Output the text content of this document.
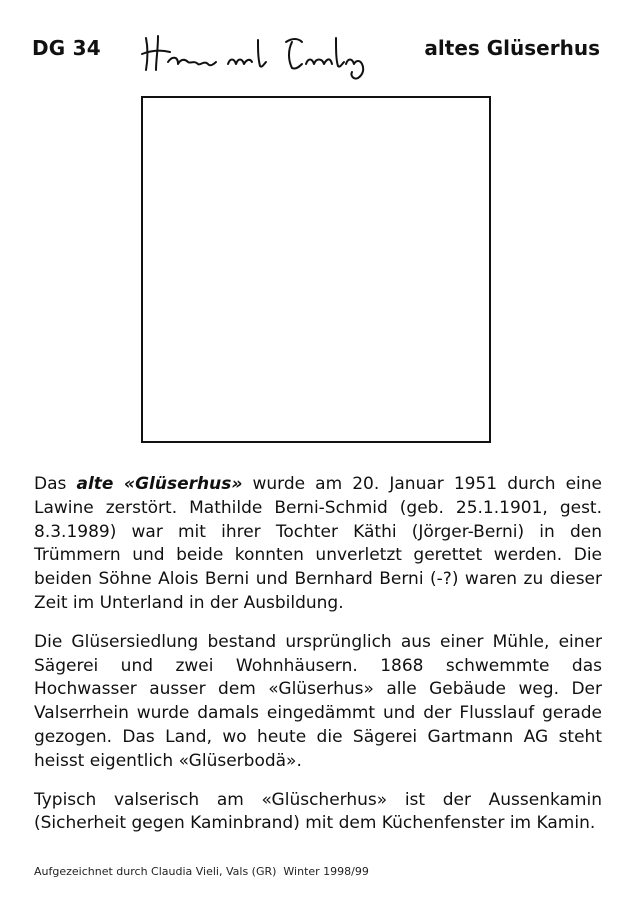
DG 34	altes Glüserhus

Das alte «Glüserhus» wurde am 20. Januar 1951 durch eine Lawine zerstört. Mathilde Berni-Schmid (geb. 25.1.1901, gest. 8.3.1989) war mit ihrer Tochter Käthi (Jörger-Berni) in den Trümmern und beide konnten unverletzt gerettet werden. Die beiden Söhne Alois Berni und Bernhard Berni (-?) waren zu dieser Zeit im Unterland in der Ausbildung.

Die Glüsersiedlung bestand ursprünglich aus einer Mühle, einer Sägerei und zwei Wohnhäusern. 1868 schwemmte das Hochwasser ausser dem «Glüserhus» alle Gebäude weg. Der Valserrhein wurde damals eingedämmt und der Flusslauf gerade gezogen. Das Land, wo heute die Sägerei Gartmann AG steht heisst eigentlich «Glüserbodä».

Typisch valserisch am «Glüscherhus» ist der Aussenkamin (Sicherheit gegen Kaminbrand) mit dem Küchenfenster im Kamin.

Aufgezeichnet durch Claudia Vieli, Vals (GR) Winter 1998/99
